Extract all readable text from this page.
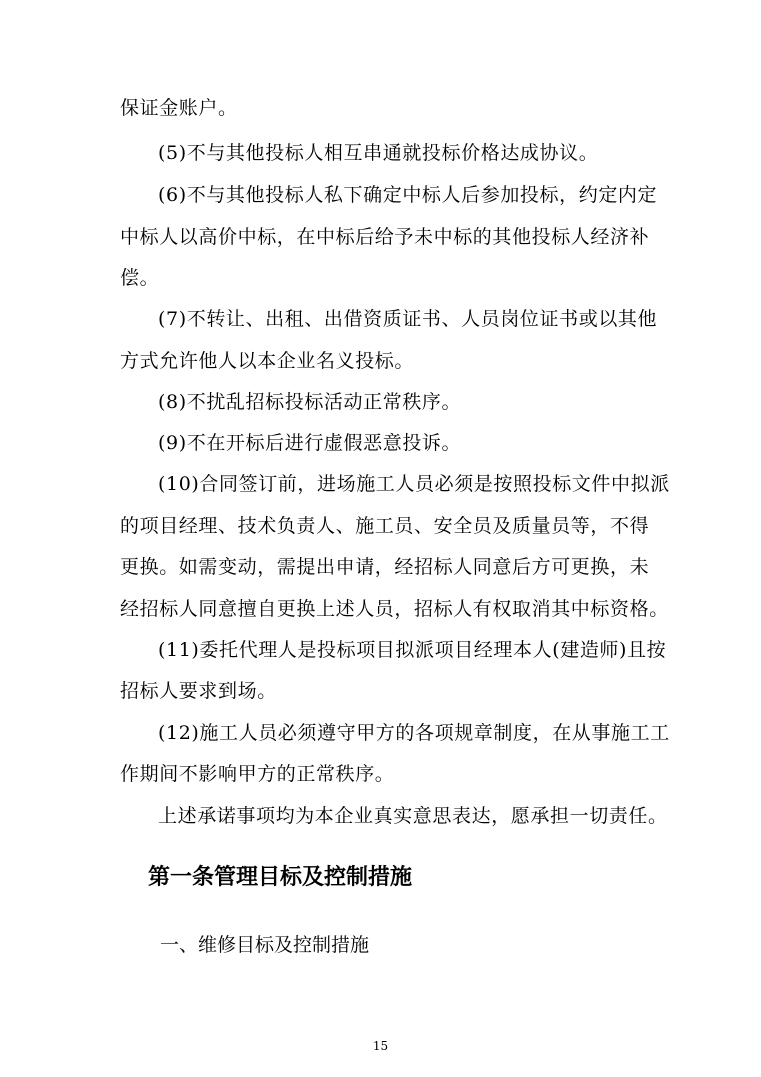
保证金账户。
(5)不与其他投标人相互串通就投标价格达成协议。
(6)不与其他投标人私下确定中标人后参加投标，约定内定
中标人以高价中标，在中标后给予未中标的其他投标人经济补
偿。
(7)不转让、出租、出借资质证书、人员岗位证书或以其他
方式允许他人以本企业名义投标。
(8)不扰乱招标投标活动正常秩序。
(9)不在开标后进行虚假恶意投诉。
(10)合同签订前，进场施工人员必须是按照投标文件中拟派
的项目经理、技术负责人、施工员、安全员及质量员等，不得
更换。如需变动，需提出申请，经招标人同意后方可更换，未
经招标人同意擅自更换上述人员，招标人有权取消其中标资格。
(11)委托代理人是投标项目拟派项目经理本人(建造师)且按
招标人要求到场。
(12)施工人员必须遵守甲方的各项规章制度，在从事施工工
作期间不影响甲方的正常秩序。
上述承诺事项均为本企业真实意思表达，愿承担一切责任。
第一条管理目标及控制措施
一、维修目标及控制措施
15
